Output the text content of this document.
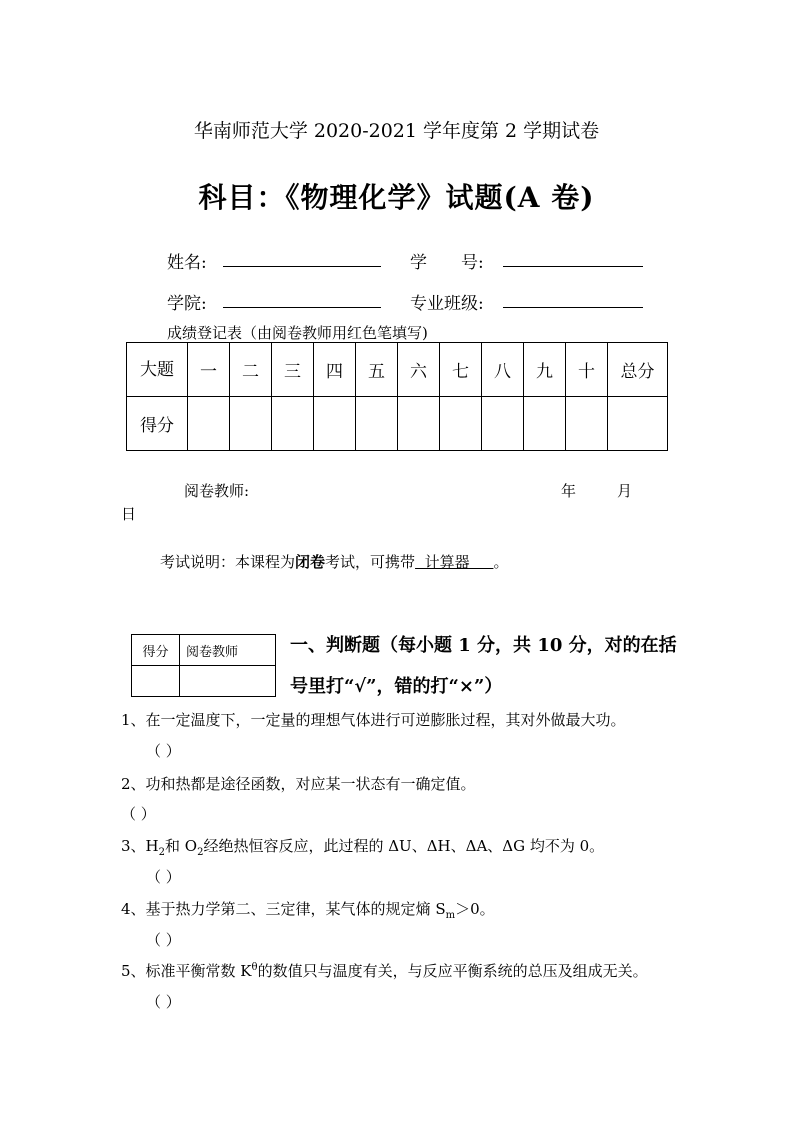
华南师范大学 2020-2021 学年度第 2 学期试卷
科目：《物理化学》试题(A 卷)
姓名:	学　　号:
学院:	专业班级:
成绩登记表（由阅卷教师用红色笔填写)
大题	一	二	三	四	五	六	七	八	九	十	总分
得分											
阅卷教师:	年	月
日
考试说明：本课程为闭卷考试，可携带  计算器     。
得分	阅卷教师
		一、判断题（每小题 1 分，共 10 分，对的在括
号里打“√”，错的打“×”）
1、在一定温度下，一定量的理想气体进行可逆膨胀过程，其对外做最大功。
（ ）
2、功和热都是途径函数，对应某一状态有一确定值。
（ ）
3、$H_2$和 $O_2$经绝热恒容反应，此过程的 ΔU、ΔH、ΔA、ΔG 均不为 0。
（ ）
4、基于热力学第二、三定律，某气体的规定熵 $S_m>0$。
（ ）
5、标准平衡常数 $K^\theta$的数值只与温度有关，与反应平衡系统的总压及组成无关。
（ ）
